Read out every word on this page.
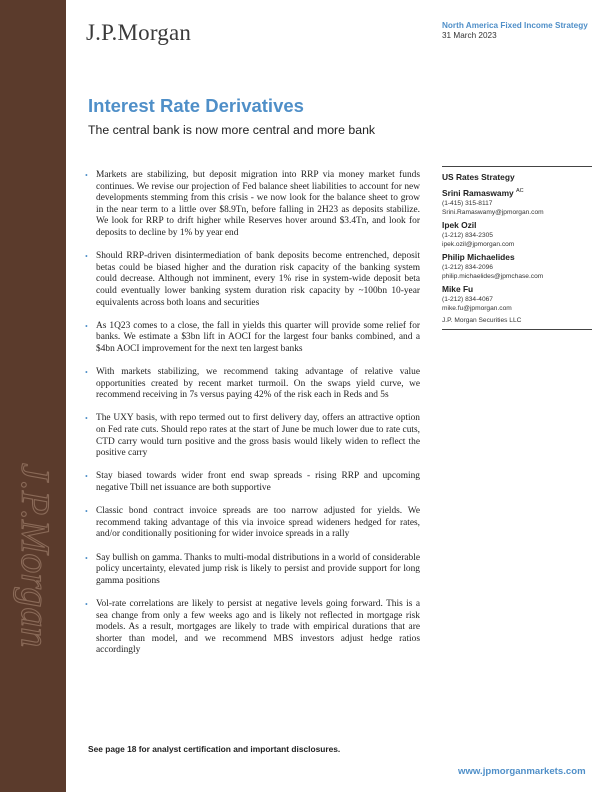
J.P.Morgan
J.P.Morgan	North America Fixed Income Strategy
31 March 2023
Interest Rate Derivatives
The central bank is now more central and more bank
• Markets are stabilizing, but deposit migration into RRP via money market funds continues. We revise our projection of Fed balance sheet liabilities to account for new developments stemming from this crisis - we now look for the balance sheet to grow in the near term to a little over $8.9Tn, before falling in 2H23 as deposits stabilize. We look for RRP to drift higher while Reserves hover around $3.4Tn, and look for deposits to decline by 1% by year end
• Should RRP-driven disintermediation of bank deposits become entrenched, deposit betas could be biased higher and the duration risk capacity of the banking system could decrease. Although not imminent, every 1% rise in system-wide deposit beta could eventually lower banking system duration risk capacity by ~100bn 10-year equivalents across both loans and securities
• As 1Q23 comes to a close, the fall in yields this quarter will provide some relief for banks. We estimate a $3bn lift in AOCI for the largest four banks combined, and a $4bn AOCI improvement for the next ten largest banks
• With markets stabilizing, we recommend taking advantage of relative value opportunities created by recent market turmoil. On the swaps yield curve, we recommend receiving in 7s versus paying 42% of the risk each in Reds and 5s
• The UXY basis, with repo termed out to first delivery day, offers an attractive option on Fed rate cuts. Should repo rates at the start of June be much lower due to rate cuts, CTD carry would turn positive and the gross basis would likely widen to reflect the positive carry
• Stay biased towards wider front end swap spreads - rising RRP and upcoming negative Tbill net issuance are both supportive
• Classic bond contract invoice spreads are too narrow adjusted for yields. We recommend taking advantage of this via invoice spread wideners hedged for rates, and/or conditionally positioning for wider invoice spreads in a rally
• Say bullish on gamma. Thanks to multi-modal distributions in a world of considerable policy uncertainty, elevated jump risk is likely to persist and provide support for long gamma positions
• Vol-rate correlations are likely to persist at negative levels going forward. This is a sea change from only a few weeks ago and is likely not reflected in mortgage risk models. As a result, mortgages are likely to trade with empirical durations that are shorter than model, and we recommend MBS investors adjust hedge ratios accordingly
US Rates Strategy
Srini Ramaswamy $^{AC}$
(1-415) 315-8117
Srini.Ramaswamy@jpmorgan.com
Ipek Ozil
(1-212) 834-2305
ipek.ozil@jpmorgan.com
Philip Michaelides
(1-212) 834-2096
philip.michaelides@jpmchase.com
Mike Fu
(1-212) 834-4067
mike.fu@jpmorgan.com
J.P. Morgan Securities LLC
See page 18 for analyst certification and important disclosures.
www.jpmorganmarkets.com
